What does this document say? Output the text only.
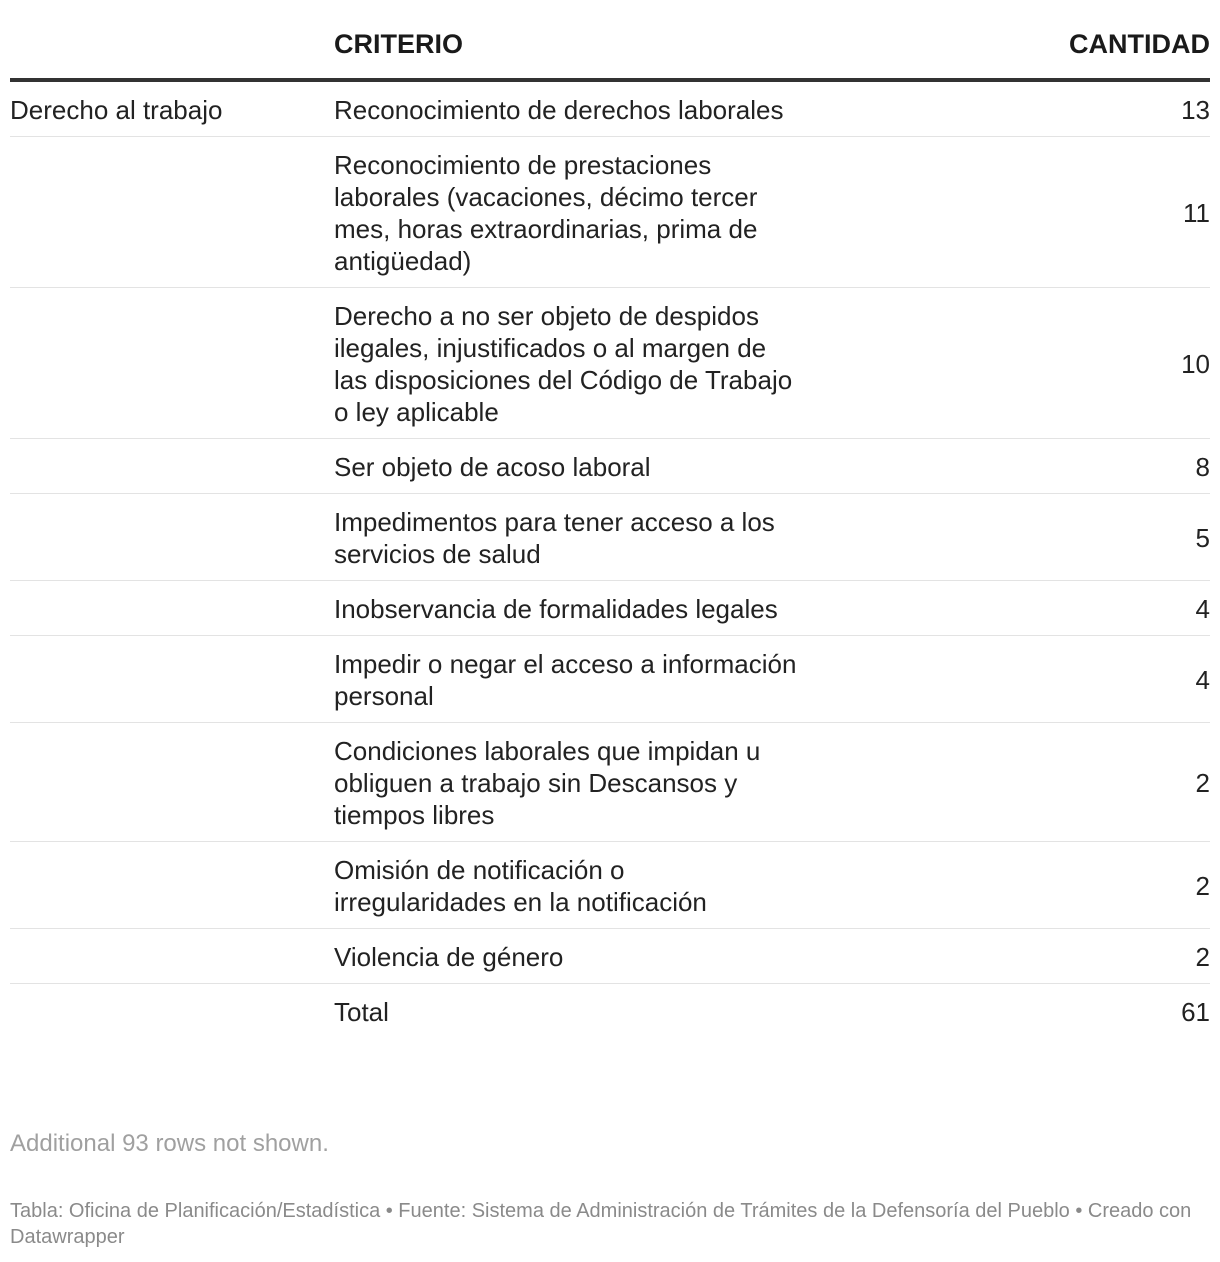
	CRITERIO	CANTIDAD
Derecho al trabajo	Reconocimiento de derechos laborales	13
	Reconocimiento de prestaciones laborales (vacaciones, décimo tercer mes, horas extraordinarias, prima de antigüedad)	11
	Derecho a no ser objeto de despidos ilegales, injustificados o al margen de las disposiciones del Código de Trabajo o ley aplicable	10
	Ser objeto de acoso laboral	8
	Impedimentos para tener acceso a los servicios de salud	5
	Inobservancia de formalidades legales	4
	Impedir o negar el acceso a información personal	4
	Condiciones laborales que impidan u obliguen a trabajo sin Descansos y tiempos libres	2
	Omisión de notificación o irregularidades en la notificación	2
	Violencia de género	2
	Total	61
Additional 93 rows not shown.
Tabla: Oficina de Planificación/Estadística • Fuente: Sistema de Administración de Trámites de la Defensoría del Pueblo • Creado con Datawrapper
